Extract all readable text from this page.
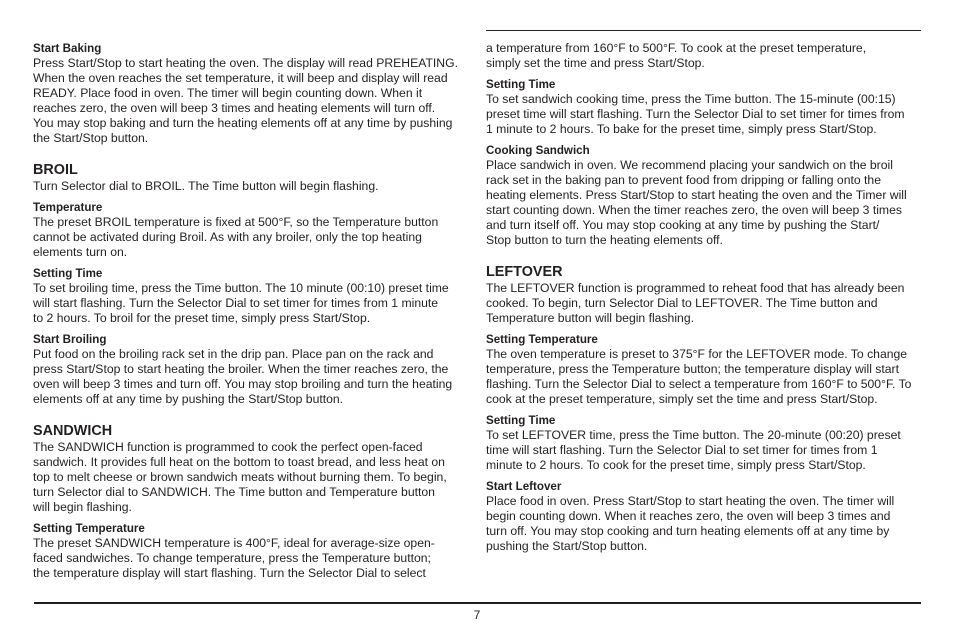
Start Baking

Press Start/Stop to start heating the oven. The display will read PREHEATING.
When the oven reaches the set temperature, it will beep and display will read
READY. Place food in oven. The timer will begin counting down. When it
reaches zero, the oven will beep 3 times and heating elements will turn off.
You may stop baking and turn the heating elements off at any time by pushing
the Start/Stop button.

BROIL

Turn Selector dial to BROIL. The Time button will begin flashing.

Temperature

The preset BROIL temperature is fixed at 500°F, so the Temperature button
cannot be activated during Broil. As with any broiler, only the top heating
elements turn on.

Setting Time

To set broiling time, press the Time button. The 10 minute (00:10) preset time
will start flashing. Turn the Selector Dial to set timer for times from 1 minute
to 2 hours. To broil for the preset time, simply press Start/Stop.

Start Broiling

Put food on the broiling rack set in the drip pan. Place pan on the rack and
press Start/Stop to start heating the broiler. When the timer reaches zero, the
oven will beep 3 times and turn off. You may stop broiling and turn the heating
elements off at any time by pushing the Start/Stop button.

SANDWICH

The SANDWICH function is programmed to cook the perfect open-faced
sandwich. It provides full heat on the bottom to toast bread, and less heat on
top to melt cheese or brown sandwich meats without burning them. To begin,
turn Selector dial to SANDWICH. The Time button and Temperature button
will begin flashing.

Setting Temperature

The preset SANDWICH temperature is 400°F, ideal for average-size open-
faced sandwiches. To change temperature, press the Temperature button;
the temperature display will start flashing. Turn the Selector Dial to select

a temperature from 160°F to 500°F. To cook at the preset temperature,
simply set the time and press Start/Stop.

Setting Time

To set sandwich cooking time, press the Time button. The 15-minute (00:15)
preset time will start flashing. Turn the Selector Dial to set timer for times from
1 minute to 2 hours. To bake for the preset time, simply press Start/Stop.

Cooking Sandwich

Place sandwich in oven. We recommend placing your sandwich on the broil
rack set in the baking pan to prevent food from dripping or falling onto the
heating elements. Press Start/Stop to start heating the oven and the Timer will
start counting down. When the timer reaches zero, the oven will beep 3 times
and turn itself off. You may stop cooking at any time by pushing the Start/
Stop button to turn the heating elements off.

LEFTOVER

The LEFTOVER function is programmed to reheat food that has already been
cooked. To begin, turn Selector Dial to LEFTOVER. The Time button and
Temperature button will begin flashing.

Setting Temperature

The oven temperature is preset to 375°F for the LEFTOVER mode. To change
temperature, press the Temperature button; the temperature display will start
flashing. Turn the Selector Dial to select a temperature from 160°F to 500°F. To
cook at the preset temperature, simply set the time and press Start/Stop.

Setting Time

To set LEFTOVER time, press the Time button. The 20-minute (00:20) preset
time will start flashing. Turn the Selector Dial to set timer for times from 1
minute to 2 hours. To cook for the preset time, simply press Start/Stop.

Start Leftover

Place food in oven. Press Start/Stop to start heating the oven. The timer will
begin counting down. When it reaches zero, the oven will beep 3 times and
turn off. You may stop cooking and turn heating elements off at any time by
pushing the Start/Stop button.

7
